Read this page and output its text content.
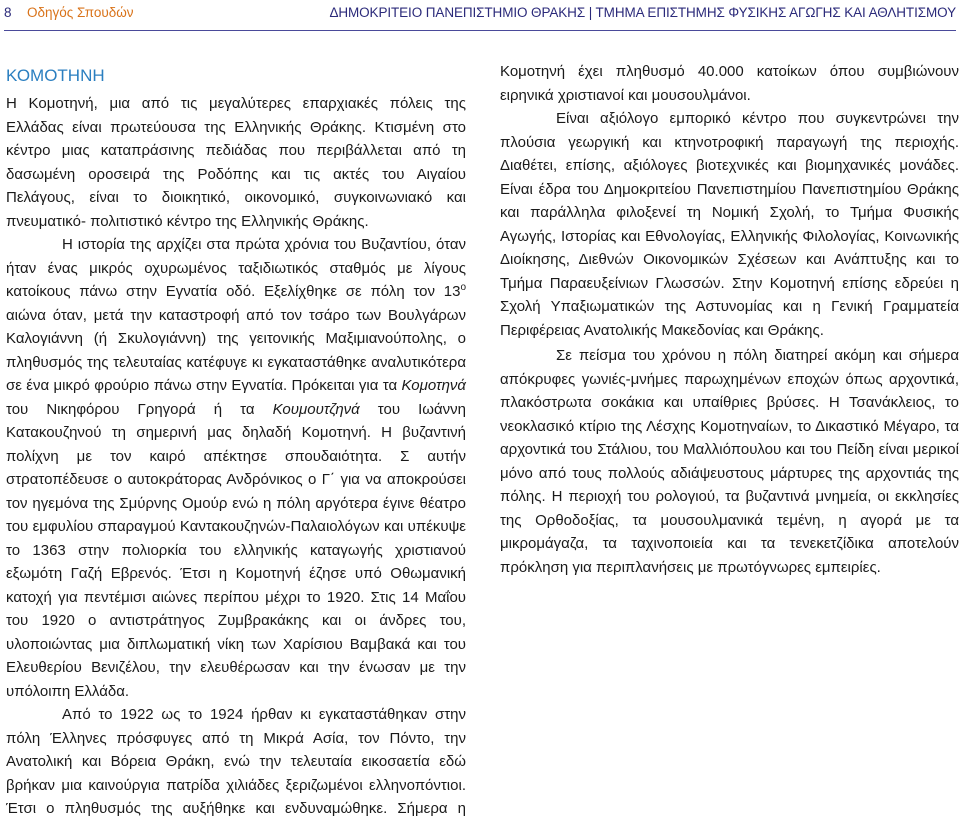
8 Οδηγός Σπουδών	ΔΗΜΟΚΡΙΤΕΙΟ ΠΑΝΕΠΙΣΤΗΜΙΟ ΘΡΑΚΗΣ | ΤΜΗΜΑ ΕΠΙΣΤΗΜΗΣ ΦΥΣΙΚΗΣ ΑΓΩΓΗΣ ΚΑΙ ΑΘΛΗΤΙΣΜΟΥ
ΚΟΜΟΤΗΝΗ

Η Κομοτηνή, μια από τις μεγαλύτερες επαρχιακές πόλεις της Ελλάδας είναι πρωτεύουσα της Ελληνικής Θράκης. Κτισμένη στο κέντρο μιας καταπράσινης πεδιάδας που περιβάλλεται από τη δασωμένη οροσειρά της Ροδόπης και τις ακτές του Αιγαίου Πελάγους, είναι το διοικητικό, οικονομικό, συγκοινωνιακό και πνευματικό- πολιτιστικό κέντρο της Ελληνικής Θράκης.

Η ιστορία της αρχίζει στα πρώτα χρόνια του Βυζαντίου, όταν ήταν ένας μικρός οχυρωμένος ταξιδιωτικός σταθμός με λίγους κατοίκους πάνω στην Εγνατία οδό. Εξελίχθηκε σε πόλη τον $13^o$ αιώνα όταν, μετά την καταστροφή από τον τσάρο των Βουλγάρων Καλογιάννη (ή Σκυλογιάννη) της γειτονικής Μαξιμιανούπολης, ο πληθυσμός της τελευταίας κατέφυγε κι εγκαταστάθηκε αναλυτικότερα σε ένα μικρό φρούριο πάνω στην Εγνατία. Πρόκειται για τα Κομοτηνά του Νικηφόρου Γρηγορά ή τα Κουμουτζηνά του Ιωάννη Κατακουζηνού τη σημερινή μας δηλαδή Κομοτηνή. Η βυζαντινή πολίχνη με τον καιρό απέκτησε σπουδαιότητα. Σ αυτήν στρατοπέδευσε ο αυτοκράτορας Ανδρόνικος ο Γ΄ για να αποκρούσει τον ηγεμόνα της Σμύρνης Ομούρ ενώ η πόλη αργότερα έγινε θέατρο του εμφυλίου σπαραγμού Καντακουζηνών-Παλαιολόγων και υπέκυψε το 1363 στην πολιορκία του ελληνικής καταγωγής χριστιανού εξωμότη Γαζή Εβρενός. Έτσι η Κομοτηνή έζησε υπό Οθωμανική κατοχή για πεντέμισι αιώνες περίπου μέχρι το 1920. Στις 14 Μαΐου του 1920 ο αντιστράτηγος Ζυμβρακάκης και οι άνδρες του, υλοποιώντας μια διπλωματική νίκη των Χαρίσιου Βαμβακά και του Ελευθερίου Βενιζέλου, την ελευθέρωσαν και την ένωσαν με την υπόλοιπη Ελλάδα.

Από το 1922 ως το 1924 ήρθαν κι εγκαταστάθηκαν στην πόλη Έλληνες πρόσφυγες από τη Μικρά Ασία, τον Πόντο, την Ανατολική και Βόρεια Θράκη, ενώ την τελευταία εικοσαετία εδώ βρήκαν μια καινούργια πατρίδα χιλιάδες ξεριζωμένοι ελληνοπόντιοι. Έτσι ο πληθυσμός της αυξήθηκε και ενδυναμώθηκε. Σήμερα η

Κομοτηνή έχει πληθυσμό 40.000 κατοίκων όπου συμβιώνουν ειρηνικά χριστιανοί και μουσουλμάνοι.

Είναι αξιόλογο εμπορικό κέντρο που συγκεντρώνει την πλούσια γεωργική και κτηνοτροφική παραγωγή της περιοχής. Διαθέτει, επίσης, αξιόλογες βιοτεχνικές και βιομηχανικές μονάδες. Είναι έδρα του Δημοκριτείου Πανεπιστημίου Πανεπιστημίου Θράκης και παράλληλα φιλοξενεί τη Νομική Σχολή, το Τμήμα Φυσικής Αγωγής, Ιστορίας και Εθνολογίας, Ελληνικής Φιλολογίας, Κοινωνικής Διοίκησης, Διεθνών Οικονομικών Σχέσεων και Ανάπτυξης και το Τμήμα Παραευξείνιων Γλωσσών. Στην Κομοτηνή επίσης εδρεύει η Σχολή Υπαξιωματικών της Αστυνομίας και η Γενική Γραμματεία Περιφέρειας Ανατολικής Μακεδονίας και Θράκης.

Σε πείσμα του χρόνου η πόλη διατηρεί ακόμη και σήμερα απόκρυφες γωνιές-μνήμες παρωχημένων εποχών όπως αρχοντικά, πλακόστρωτα σοκάκια και υπαίθριες βρύσες. Η Τσανάκλειος, το νεοκλασικό κτίριο της Λέσχης Κομοτηναίων, το Δικαστικό Μέγαρο, τα αρχοντικά του Στάλιου, του Μαλλιόπουλου και του Πείδη είναι μερικοί μόνο από τους πολλούς αδιάψευστους μάρτυρες της αρχοντιάς της πόλης. Η περιοχή του ρολογιού, τα βυζαντινά μνημεία, οι εκκλησίες της Ορθοδοξίας, τα μουσουλμανικά τεμένη, η αγορά με τα μικρομάγαζα, τα ταχινοποιεία και τα τενεκετζίδικα αποτελούν πρόκληση για περιπλανήσεις με πρωτόγνωρες εμπειρίες.
